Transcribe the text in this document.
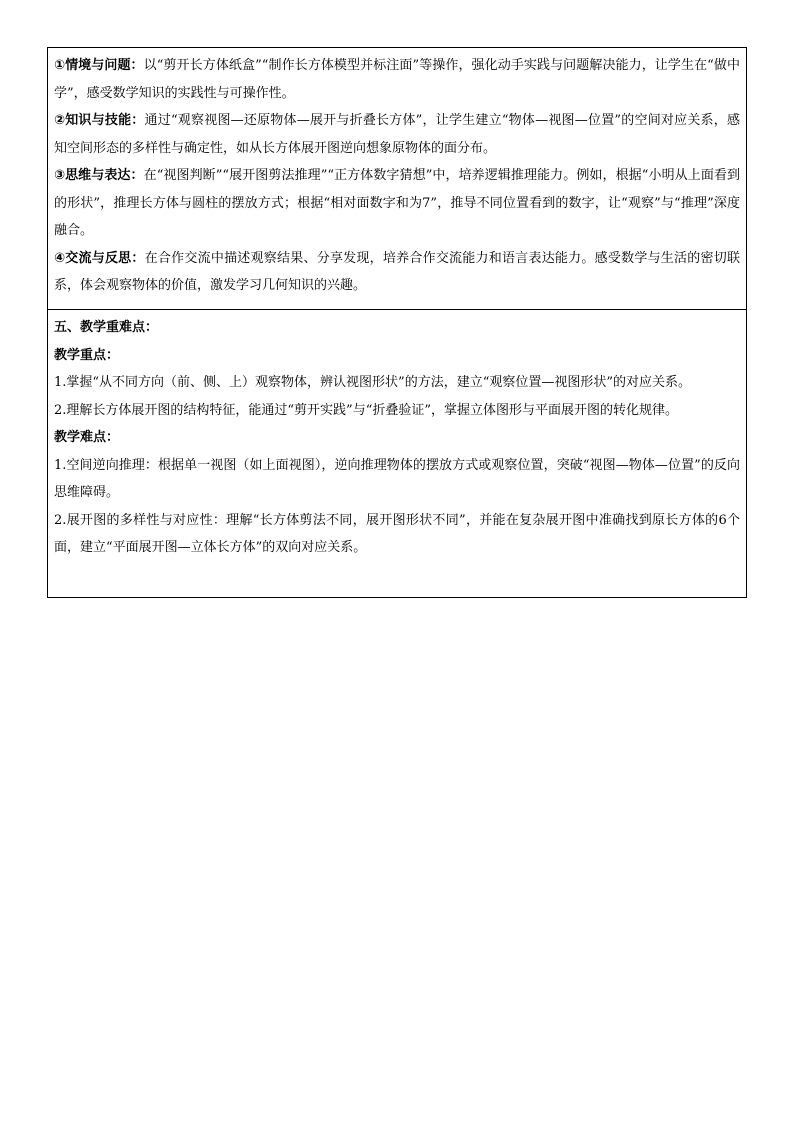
①情境与问题：以“剪开长方体纸盒”“制作长方体模型并标注面”等操作，强化动手实践与问题解决能力，让学生在“做中学”，感受数学知识的实践性与可操作性。

②知识与技能：通过“观察视图—还原物体—展开与折叠长方体”，让学生建立“物体—视图—位置”的空间对应关系，感知空间形态的多样性与确定性，如从长方体展开图逆向想象原物体的面分布。

③思维与表达：在“视图判断”“展开图剪法推理”“正方体数字猜想”中，培养逻辑推理能力。例如，根据“小明从上面看到的形状”，推理长方体与圆柱的摆放方式；根据“相对面数字和为7”，推导不同位置看到的数字，让“观察”与“推理”深度融合。

④交流与反思：在合作交流中描述观察结果、分享发现，培养合作交流能力和语言表达能力。感受数学与生活的密切联系，体会观察物体的价值，激发学习几何知识的兴趣。

五、教学重难点：

教学重点：

1.掌握“从不同方向（前、侧、上）观察物体，辨认视图形状”的方法，建立“观察位置—视图形状”的对应关系。

2.理解长方体展开图的结构特征，能通过“剪开实践”与“折叠验证”，掌握立体图形与平面展开图的转化规律。

教学难点：

1.空间逆向推理：根据单一视图（如上面视图），逆向推理物体的摆放方式或观察位置，突破“视图—物体—位置”的反向思维障碍。

2.展开图的多样性与对应性：理解“长方体剪法不同，展开图形状不同”，并能在复杂展开图中准确找到原长方体的6个面，建立“平面展开图—立体长方体”的双向对应关系。
